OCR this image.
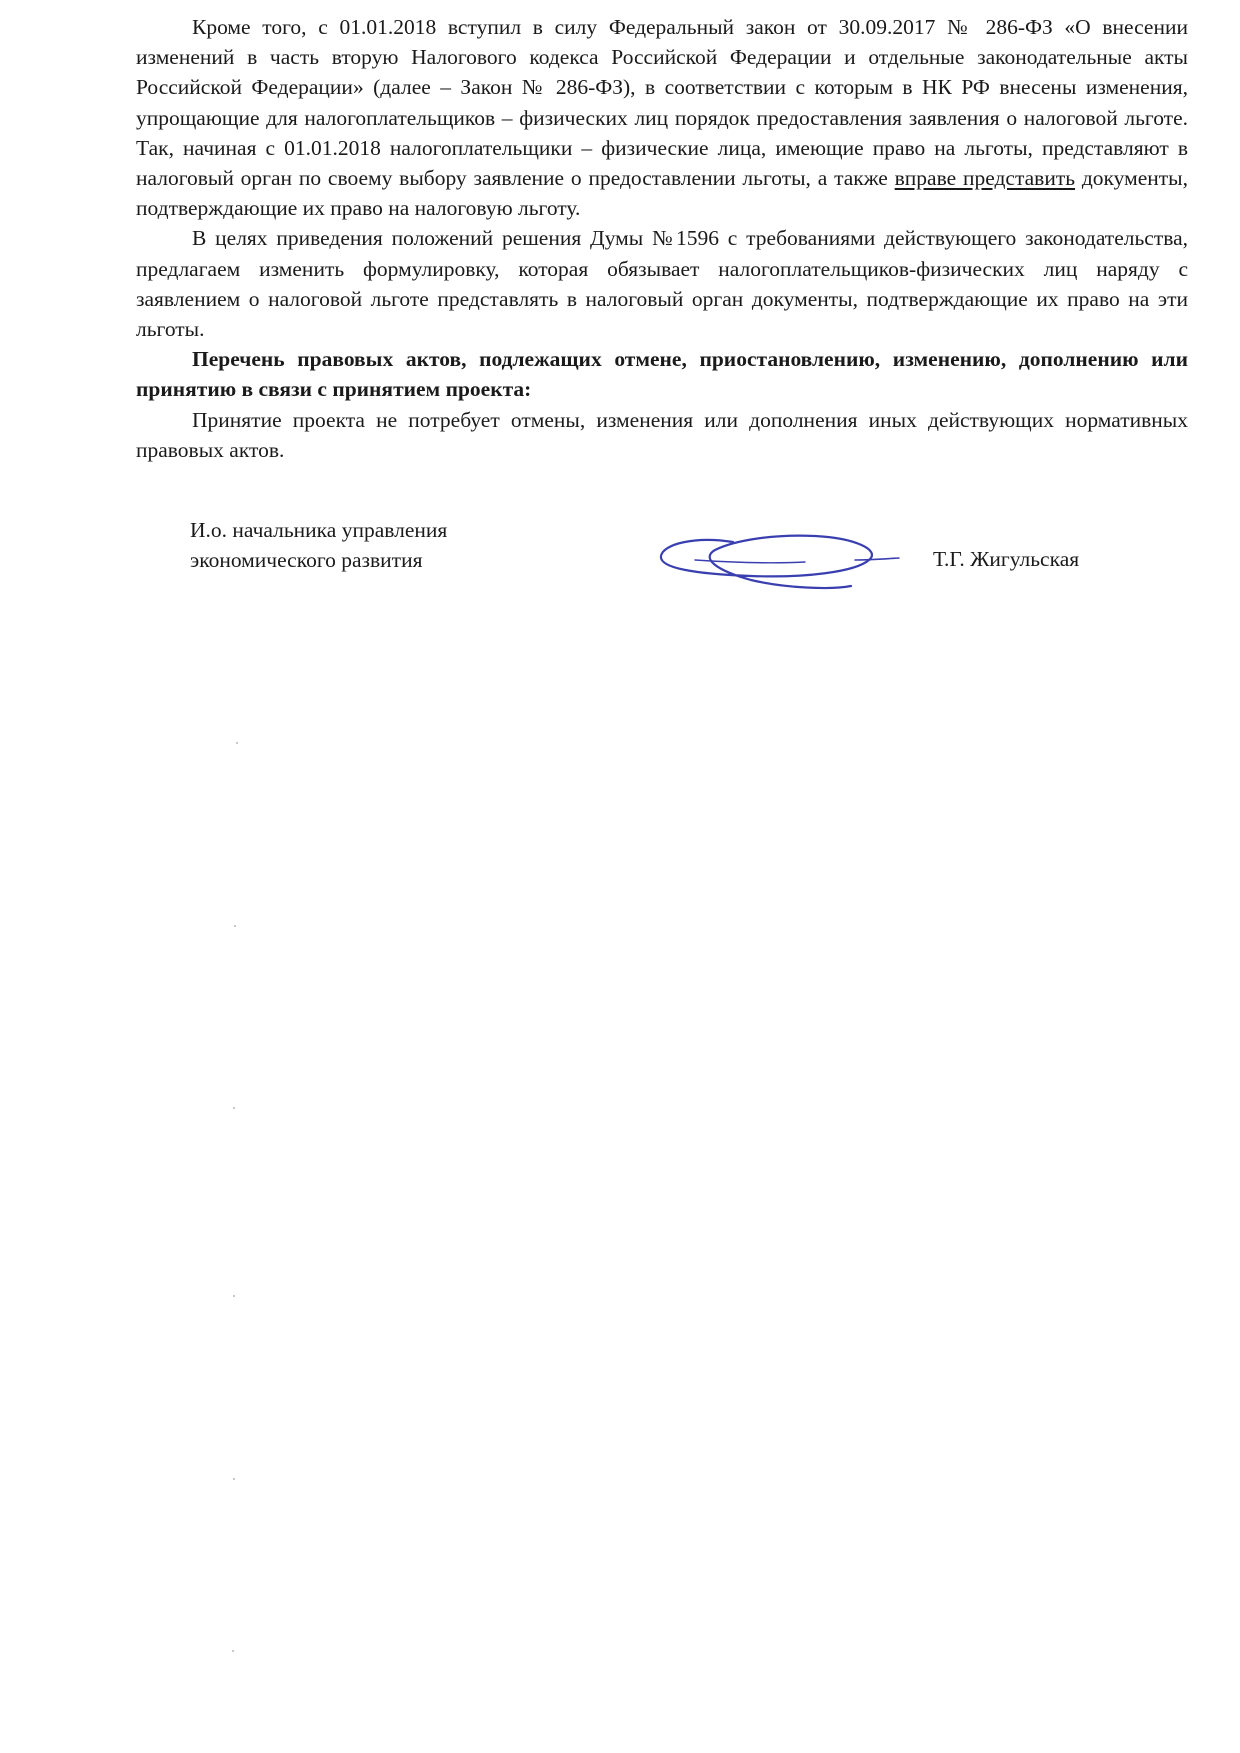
Кроме того, с 01.01.2018 вступил в силу Федеральный закон от 30.09.2017 № 286-ФЗ «О внесении изменений в часть вторую Налогового кодекса Российской Федерации и отдельные законодательные акты Российской Федерации» (далее – Закон № 286-ФЗ), в соответствии с которым в НК РФ внесены изменения, упрощающие для налогоплательщиков – физических лиц порядок предоставления заявления о налоговой льготе. Так, начиная с 01.01.2018 налогоплательщики – физические лица, имеющие право на льготы, представляют в налоговый орган по своему выбору заявление о предоставлении льготы, а также вправе представить документы, подтверждающие их право на налоговую льготу.

В целях приведения положений решения Думы №1596 с требованиями действующего законодательства, предлагаем изменить формулировку, которая обязывает налогоплательщиков-физических лиц наряду с заявлением о налоговой льготе представлять в налоговый орган документы, подтверждающие их право на эти льготы.

Перечень правовых актов, подлежащих отмене, приостановлению, изменению, дополнению или принятию в связи с принятием проекта:

Принятие проекта не потребует отмены, изменения или дополнения иных действующих нормативных правовых актов.

И.о. начальника управления
экономического развития	Т.Г. Жигульская
